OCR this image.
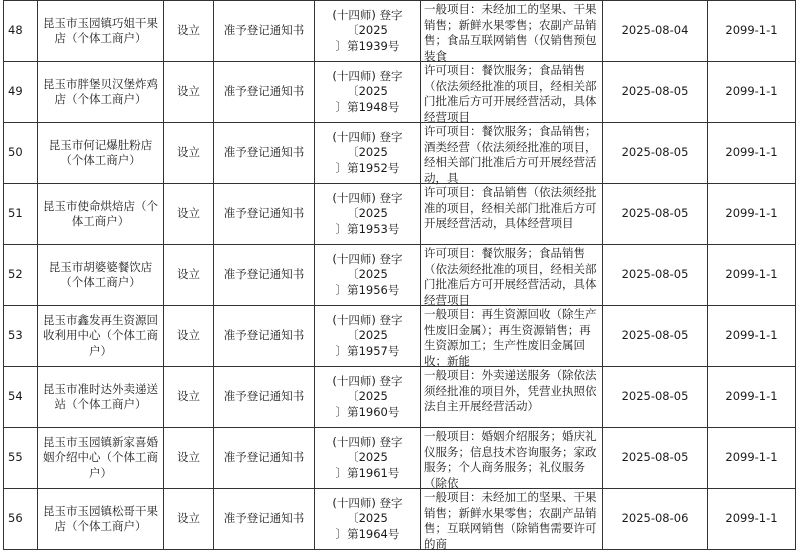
48	昆玉市玉园镇巧姐干果店（个体工商户）	设立	准予登记通知书	(十四师) 登字〔2025
〕第1939号	一般项目：未经加工的坚果、干果销售；新鲜水果零售；农副产品销售；食品互联网销售（仅销售预包装食	2025-08-04	2099-1-1
49	昆玉市胖堡贝汉堡炸鸡店（个体工商户）	设立	准予登记通知书	(十四师) 登字〔2025
〕第1948号	许可项目：餐饮服务；食品销售（依法须经批准的项目，经相关部门批准后方可开展经营活动，具体经营项目	2025-08-05	2099-1-1
50	昆玉市何记爆肚粉店（个体工商户）	设立	准予登记通知书	(十四师) 登字〔2025
〕第1952号	许可项目：餐饮服务；食品销售；酒类经营（依法须经批准的项目，经相关部门批准后方可开展经营活动，具	2025-08-05	2099-1-1
51	昆玉市使命烘焙店（个体工商户）	设立	准予登记通知书	(十四师) 登字〔2025
〕第1953号	许可项目：食品销售（依法须经批准的项目，经相关部门批准后方可开展经营活动，具体经营项目	2025-08-05	2099-1-1
52	昆玉市胡婆婆餐饮店（个体工商户）	设立	准予登记通知书	(十四师) 登字〔2025
〕第1956号	许可项目：餐饮服务；食品销售（依法须经批准的项目，经相关部门批准后方可开展经营活动，具体经营项目	2025-08-05	2099-1-1
53	昆玉市鑫发再生资源回收利用中心（个体工商户）	设立	准予登记通知书	(十四师) 登字〔2025
〕第1957号	一般项目：再生资源回收（除生产性废旧金属）；再生资源销售；再生资源加工；生产性废旧金属回收；新能	2025-08-05	2099-1-1
54	昆玉市准时达外卖递送站（个体工商户）	设立	准予登记通知书	(十四师) 登字〔2025
〕第1960号	一般项目：外卖递送服务（除依法须经批准的项目外，凭营业执照依法自主开展经营活动）	2025-08-05	2099-1-1
55	昆玉市玉园镇新家喜婚姻介绍中心（个体工商户）	设立	准予登记通知书	(十四师) 登字〔2025
〕第1961号	一般项目：婚姻介绍服务；婚庆礼仪服务；信息技术咨询服务；家政服务；个人商务服务；礼仪服务（除依	2025-08-05	2099-1-1
56	昆玉市玉园镇松哥干果店（个体工商户）	设立	准予登记通知书	(十四师) 登字〔2025
〕第1964号	一般项目：未经加工的坚果、干果销售；新鲜水果零售；农副产品销售；互联网销售（除销售需要许可的商	2025-08-06	2099-1-1
